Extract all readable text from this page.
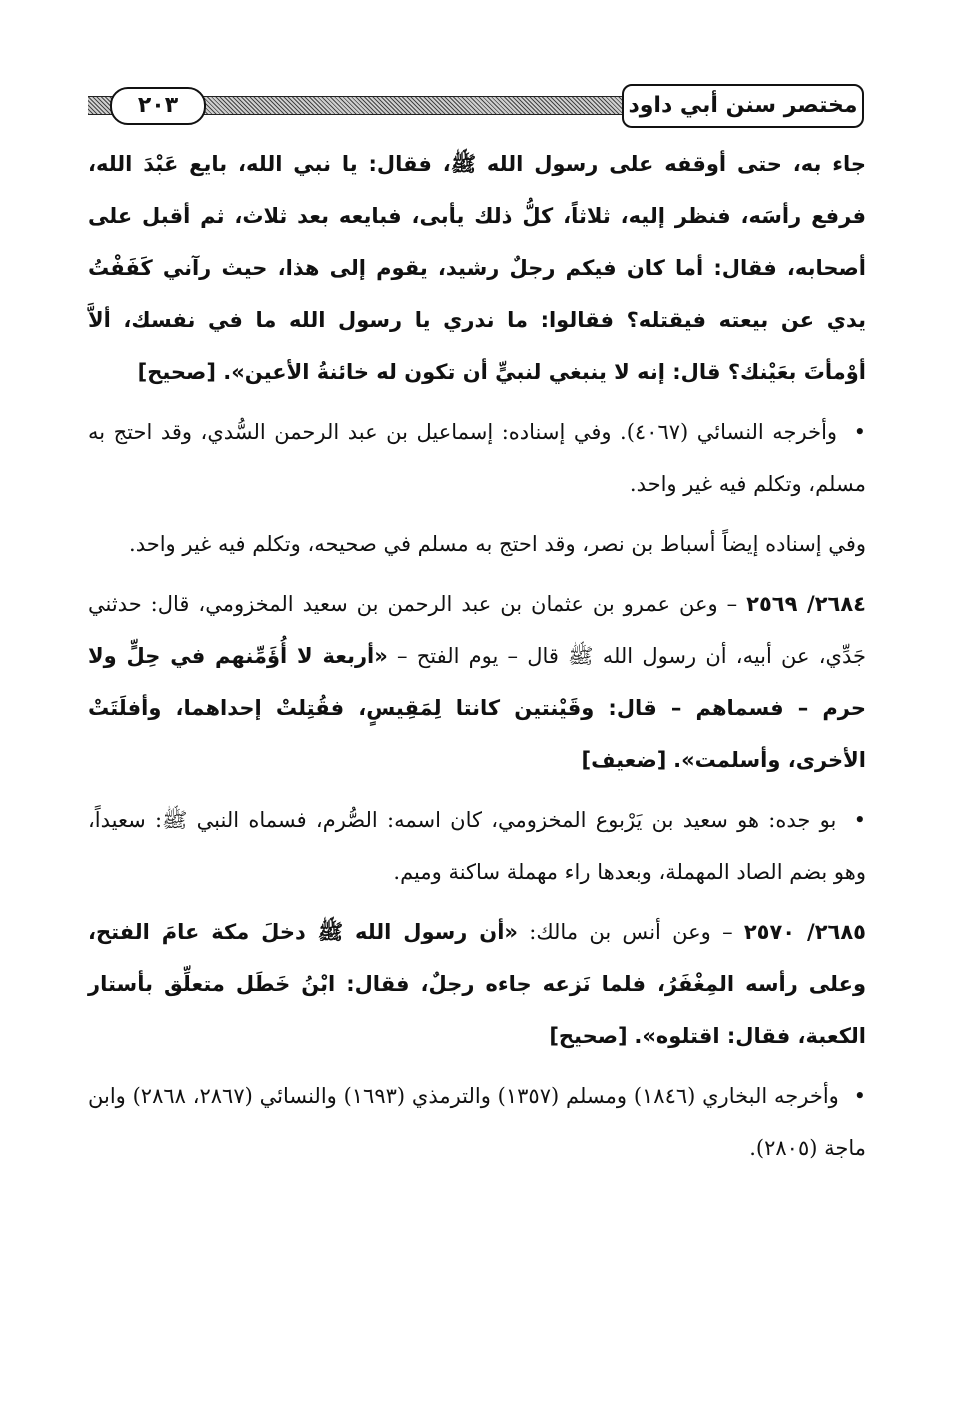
٢٠٣	مختصر سنن أبي داود

جاء به، حتى أوقفه على رسول الله ﷺ، فقال: يا نبي الله، بايع عَبْدَ الله، فرفع رأسَه، فنظر إليه، ثلاثاً، كلُّ ذلك يأبى، فبايعه بعد ثلاث، ثم أقبل على أصحابه، فقال: أما كان فيكم رجلٌ رشيد، يقوم إلى هذا، حيث رآني كَفَفْتُ يدي عن بيعته فيقتله؟ فقالوا: ما ندري يا رسول الله ما في نفسك، ألاَّ أوْمأتَ بعَيْنك؟ قال: إنه لا ينبغي لنبيٍّ أن تكون له خائنةُ الأعين». [صحيح]

• وأخرجه النسائي (٤٠٦٧). وفي إسناده: إسماعيل بن عبد الرحمن السُّدي، وقد احتج به مسلم، وتكلم فيه غير واحد.

وفي إسناده إيضاً أسباط بن نصر، وقد احتج به مسلم في صحيحه، وتكلم فيه غير واحد.

٢٦٨٤/ ٢٥٦٩ – وعن عمرو بن عثمان بن عبد الرحمن بن سعيد المخزومي، قال: حدثني جَدِّي، عن أبيه، أن رسول الله ﷺ قال – يوم الفتح – «أربعة لا أُؤَمِّنهم في حِلٍّ ولا حرم – فسماهم – قال: وقَيْنتين كانتا لِمَقِيسٍ، فقُتِلتْ إحداهما، وأفلَتَتْ الأخرى، وأسلمت». [ضعيف]

• بو جده: هو سعيد بن يَرْبوع المخزومي، كان اسمه: الصُّرم، فسماه النبي ﷺ: سعيداً، وهو بضم الصاد المهملة، وبعدها راء مهملة ساكنة وميم.

٢٦٨٥/ ٢٥٧٠ – وعن أنس بن مالك: «أن رسول الله ﷺ دخلَ مكة عامَ الفتح، وعلى رأسه المِغْفَرُ، فلما نَزعه جاءه رجلٌ، فقال: ابْنُ خَطَل متعلِّق بأستار الكعبة، فقال: اقتلوه». [صحيح]

• وأخرجه البخاري (١٨٤٦) ومسلم (١٣٥٧) والترمذي (١٦٩٣) والنسائي (٢٨٦٧، ٢٨٦٨) وابن ماجة (٢٨٠٥).
